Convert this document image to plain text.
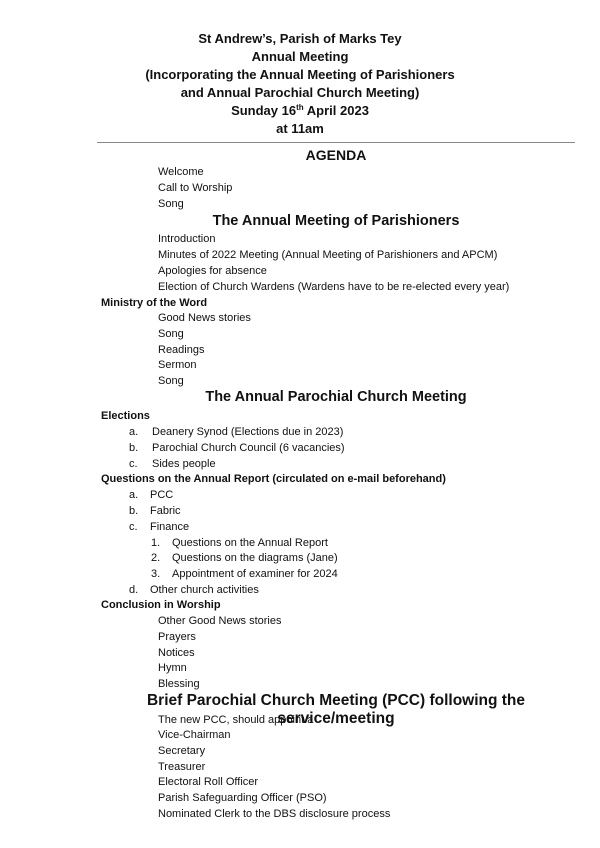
St Andrew’s, Parish of Marks Tey
Annual Meeting
(Incorporating the Annual Meeting of Parishioners
and Annual Parochial Church Meeting)
Sunday 16th April 2023
at 11am
AGENDA
Welcome
Call to Worship
Song
The Annual Meeting of Parishioners
Introduction
Minutes of 2022 Meeting (Annual Meeting of Parishioners and APCM)
Apologies for absence
Election of Church Wardens (Wardens have to be re-elected every year)
Ministry of the Word
Good News stories
Song
Readings
Sermon
Song
The Annual Parochial Church Meeting
Elections
a. Deanery Synod (Elections due in 2023)
b. Parochial Church Council (6 vacancies)
c. Sides people
Questions on the Annual Report (circulated on e-mail beforehand)
a. PCC
b. Fabric
c. Finance
1. Questions on the Annual Report
2. Questions on the diagrams (Jane)
3. Appointment of examiner for 2024
d. Other church activities
Conclusion in Worship
Other Good News stories
Prayers
Notices
Hymn
Blessing
Brief Parochial Church Meeting (PCC) following the service/meeting
The new PCC, should appoint a
Vice-Chairman
Secretary
Treasurer
Electoral Roll Officer
Parish Safeguarding Officer (PSO)
Nominated Clerk to the DBS disclosure process
